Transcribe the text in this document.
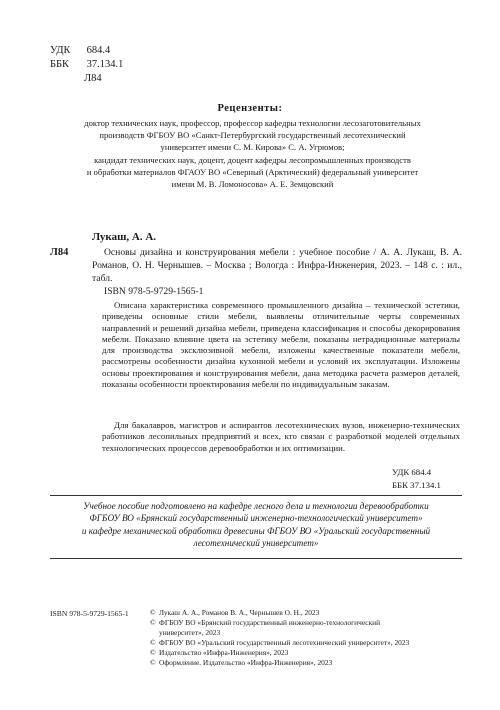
УДК 684.4
ББК 37.134.1
Л84
Рецензенты:
доктор технических наук, профессор, профессор кафедры технологии лесозаготовительных
производств ФГБОУ ВО «Санкт-Петербургский государственный лесотехнический
университет имени С. М. Кирова» С. А. Угрюмов;
кандидат технических наук, доцент, доцент кафедры лесопромышленных производств
и обработки материалов ФГАОУ ВО «Северный (Арктический) федеральный университет
имени М. В. Ломоносова» А. Е. Земцовский
Лукаш, А. А.
Л84	Основы дизайна и конструирования мебели : учебное пособие / А. А. Лукаш, В. А. Романов, О. Н. Чернышев. – Москва ; Вологда : Инфра-Инженерия, 2023. – 148 с. : ил., табл.
ISBN 978-5-9729-1565-1
Описана характеристика современного промышленного дизайна – технической эстетики, приведены основные стили мебели, выявлены отличительные черты современных направлений и решений дизайна мебели, приведена классификация и способы декорирования мебели. Показано влияние цвета на эстетику мебели, показаны нетрадиционные материалы для производства эксклюзивной мебели, изложены качественные показатели мебели, рассмотрены особенности дизайна кухонной мебели и условий их эксплуатации. Изложены основы проектирования и конструирования мебели, дана методика расчета размеров деталей, показаны особенности проектирования мебели по индивидуальным заказам.
Для бакалавров, магистров и аспирантов лесотехнических вузов, инженерно-технических работников лесопильных предприятий и всех, кто связан с разработкой моделей отдельных технологических процессов деревообработки и их оптимизации.
УДК 684.4
ББК 37.134.1
Учебное пособие подготовлено на кафедре лесного дела и технологии деревообработки
ФГБОУ ВО «Брянский государственный инженерно-технологический университет»
и кафедре механической обработки древесины ФГБОУ ВО «Уральский государственный
лесотехнический университет»
ISBN 978-5-9729-1565-1	© Лукаш А. А., Романов В. А., Чернышев О. Н., 2023
© ФГБОУ ВО «Брянский государственный инженерно-технологический
университет», 2023
© ФГБОУ ВО «Уральский государственный лесотехнический университет», 2023
© Издательство «Инфра-Инженерия», 2023
© Оформление. Издательство «Инфра-Инженерия», 2023
